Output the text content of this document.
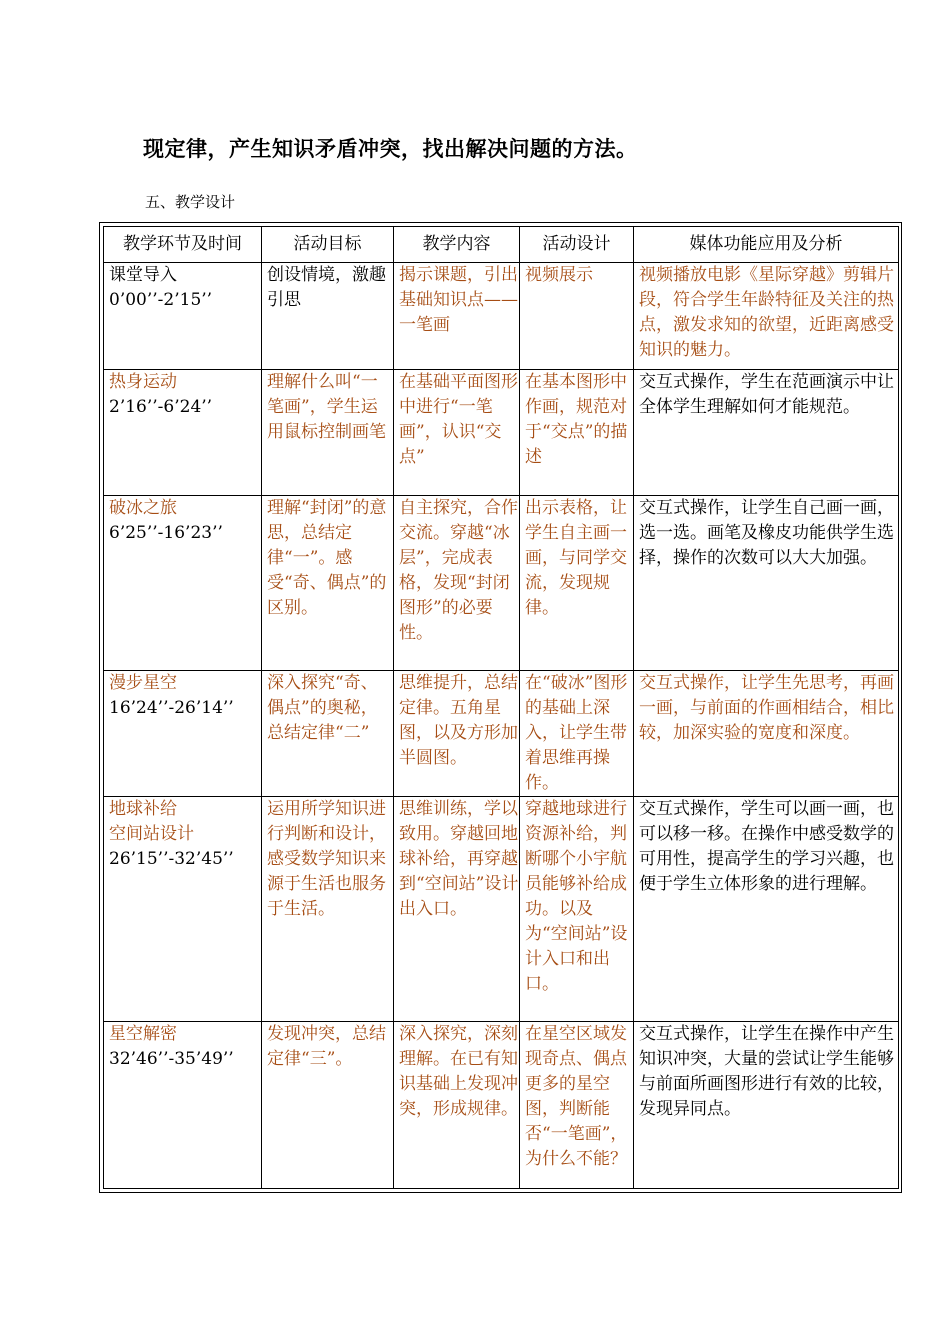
现定律，产生知识矛盾冲突，找出解决问题的方法。

五、教学设计

教学环节及时间	活动目标	教学内容	活动设计	媒体功能应用及分析

课堂导入
0’00’’-2’15’’	创设情境，激趣引思	揭示课题，引出基础知识点——一笔画	视频展示	视频播放电影《星际穿越》剪辑片段，符合学生年龄特征及关注的热点，激发求知的欲望，近距离感受知识的魅力。

热身运动
2’16’’-6’24’’	理解什么叫“一笔画”，学生运用鼠标控制画笔	在基础平面图形中进行“一笔画”，认识“交点”	在基本图形中作画，规范对于“交点”的描述	交互式操作，学生在范画演示中让全体学生理解如何才能规范。

破冰之旅
6’25’’-16’23’’	理解“封闭”的意思，总结定律“一”。感受“奇、偶点”的区别。	自主探究，合作交流。穿越“冰层”，完成表格，发现“封闭图形”的必要性。	出示表格，让学生自主画一画，与同学交流，发现规律。	交互式操作，让学生自己画一画，选一选。画笔及橡皮功能供学生选择，操作的次数可以大大加强。

漫步星空
16’24’’-26’14’’	深入探究“奇、偶点”的奥秘，总结定律“二”	思维提升，总结定律。五角星图，以及方形加半圆图。	在“破冰”图形的基础上深入，让学生带着思维再操作。	交互式操作，让学生先思考，再画一画，与前面的作画相结合，相比较，加深实验的宽度和深度。

地球补给
空间站设计
26’15’’-32’45’’	运用所学知识进行判断和设计，感受数学知识来源于生活也服务于生活。	思维训练，学以致用。穿越回地球补给，再穿越到“空间站”设计出入口。	穿越地球进行资源补给，判断哪个小宇航员能够补给成功。以及为“空间站”设计入口和出口。	交互式操作，学生可以画一画，也可以移一移。在操作中感受数学的可用性，提高学生的学习兴趣，也便于学生立体形象的进行理解。

星空解密
32’46’’-35’49’’	发现冲突，总结定律“三”。	深入探究，深刻理解。在已有知识基础上发现冲突，形成规律。	在星空区域发现奇点、偶点更多的星空图，判断能否“一笔画”，为什么不能？	交互式操作，让学生在操作中产生知识冲突，大量的尝试让学生能够与前面所画图形进行有效的比较，发现异同点。
